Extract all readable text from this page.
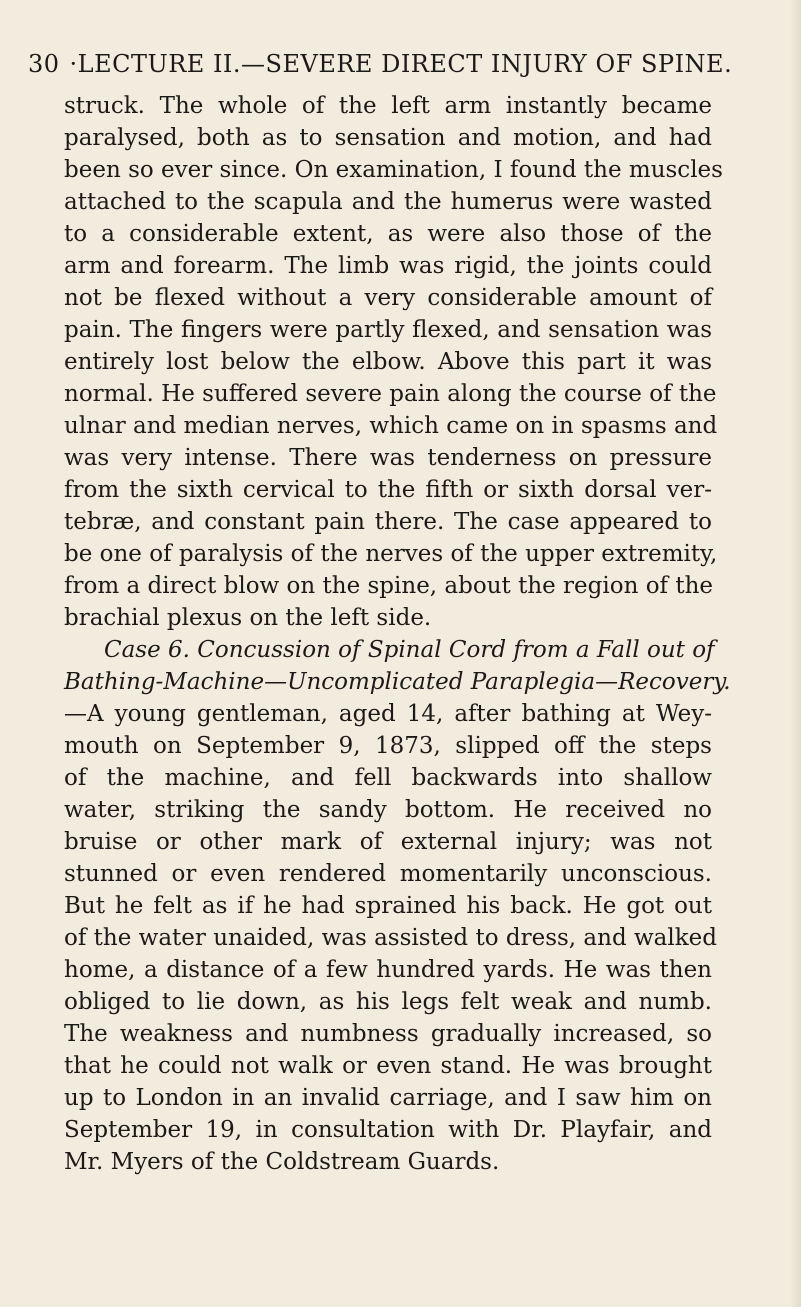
30 ·LECTURE II.—SEVERE DIRECT INJURY OF SPINE.
struck. The whole of the left arm instantly became
paralysed, both as to sensation and motion, and had
been so ever since. On examination, I found the muscles
attached to the scapula and the humerus were wasted
to a considerable extent, as were also those of the
arm and forearm. The limb was rigid, the joints could
not be flexed without a very considerable amount of
pain. The fingers were partly flexed, and sensation was
entirely lost below the elbow. Above this part it was
normal. He suffered severe pain along the course of the
ulnar and median nerves, which came on in spasms and
was very intense. There was tenderness on pressure
from the sixth cervical to the fifth or sixth dorsal ver-
tebræ, and constant pain there. The case appeared to
be one of paralysis of the nerves of the upper extremity,
from a direct blow on the spine, about the region of the
brachial plexus on the left side.
Case 6. Concussion of Spinal Cord from a Fall out of
Bathing-Machine—Uncomplicated Paraplegia—Recovery.
—A young gentleman, aged 14, after bathing at Wey-
mouth on September 9, 1873, slipped off the steps
of the machine, and fell backwards into shallow
water, striking the sandy bottom. He received no
bruise or other mark of external injury; was not
stunned or even rendered momentarily unconscious.
But he felt as if he had sprained his back. He got out
of the water unaided, was assisted to dress, and walked
home, a distance of a few hundred yards. He was then
obliged to lie down, as his legs felt weak and numb.
The weakness and numbness gradually increased, so
that he could not walk or even stand. He was brought
up to London in an invalid carriage, and I saw him on
September 19, in consultation with Dr. Playfair, and
Mr. Myers of the Coldstream Guards.
